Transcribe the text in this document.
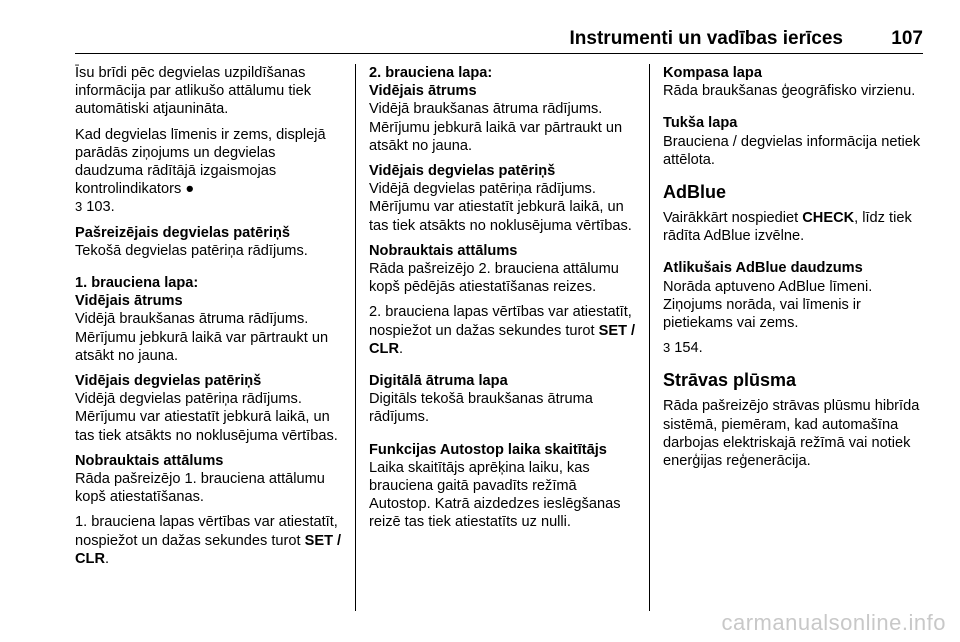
Instrumenti un vadības ierīces	107

Īsu brīdi pēc degvielas uzpildīšanas informācija par atlikušo attālumu tiek automātiski atjaunināta.

Kad degvielas līmenis ir zems, displejā parādās ziņojums un degvielas daudzuma rādītājā izgaismojas kontrolindikators ●
3 103.

Pašreizējais degvielas patēriņš

Tekošā degvielas patēriņa rādījums.

1. brauciena lapa:

Vidējais ātrums

Vidējā braukšanas ātruma rādījums. Mērījumu jebkurā laikā var pārtraukt un atsākt no jauna.

Vidējais degvielas patēriņš

Vidējā degvielas patēriņa rādījums. Mērījumu var atiestatīt jebkurā laikā, un tas tiek atsākts no noklusējuma vērtības.

Nobrauktais attālums

Rāda pašreizējo 1. brauciena attālumu kopš atiestatīšanas.

1. brauciena lapas vērtības var atiestatīt, nospiežot un dažas sekundes turot SET / CLR.

2. brauciena lapa:

Vidējais ātrums

Vidējā braukšanas ātruma rādījums. Mērījumu jebkurā laikā var pārtraukt un atsākt no jauna.

Vidējais degvielas patēriņš

Vidējā degvielas patēriņa rādījums. Mērījumu var atiestatīt jebkurā laikā, un tas tiek atsākts no noklusējuma vērtības.

Nobrauktais attālums

Rāda pašreizējo 2. brauciena attālumu kopš pēdējās atiestatīšanas reizes.

2. brauciena lapas vērtības var atiestatīt, nospiežot un dažas sekundes turot SET / CLR.

Digitālā ātruma lapa

Digitāls tekošā braukšanas ātruma rādījums.

Funkcijas Autostop laika skaitītājs

Laika skaitītājs aprēķina laiku, kas brauciena gaitā pavadīts režīmā Autostop. Katrā aizdedzes ieslēgšanas reizē tas tiek atiestatīts uz nulli.

Kompasa lapa

Rāda braukšanas ģeogrāfisko virzienu.

Tukša lapa

Brauciena / degvielas informācija netiek attēlota.

AdBlue

Vairākkārt nospiediet CHECK, līdz tiek rādīta AdBlue izvēlne.

Atlikušais AdBlue daudzums

Norāda aptuveno AdBlue līmeni. Ziņojums norāda, vai līmenis ir pietiekams vai zems.

3 154.

Strāvas plūsma

Rāda pašreizējo strāvas plūsmu hibrīda sistēmā, piemēram, kad automašīna darbojas elektriskajā režīmā vai notiek enerģijas reģenerācija.

carmanualsonline.info
